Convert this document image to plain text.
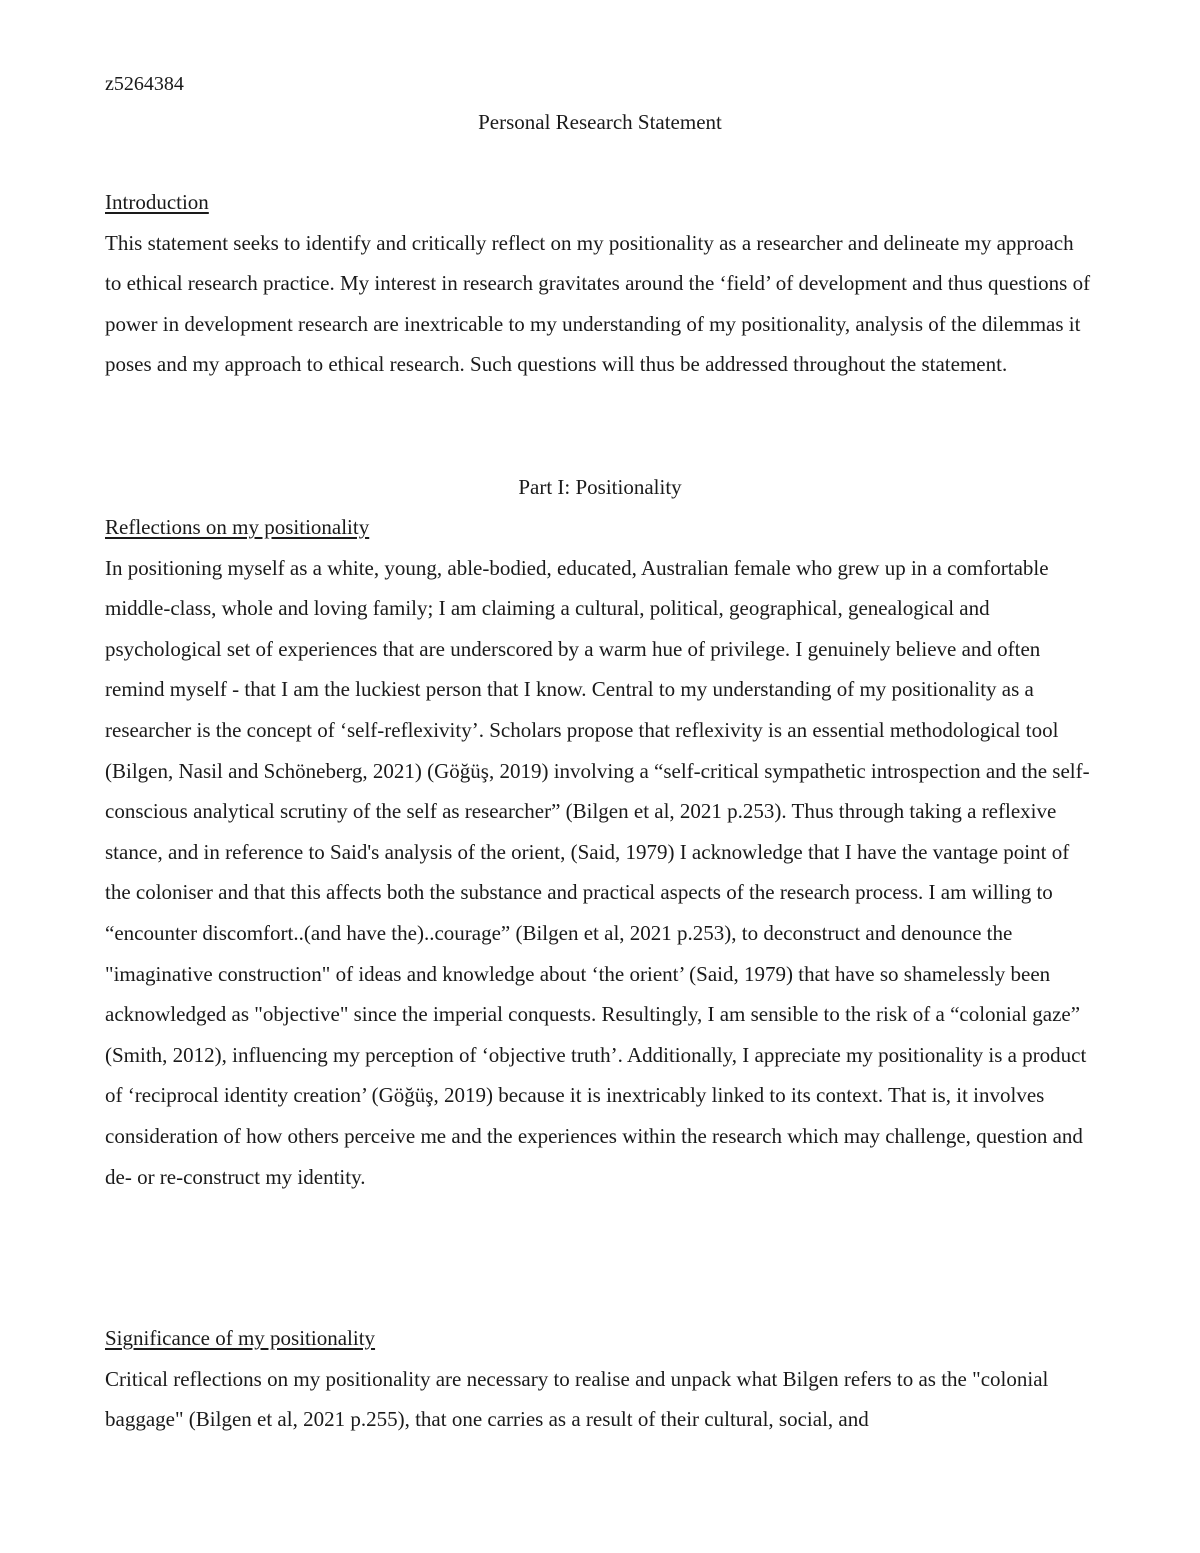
z5264384
Personal Research Statement
Introduction

This statement seeks to identify and critically reflect on my positionality as a researcher and delineate my approach to ethical research practice. My interest in research gravitates around the ‘field’ of development and thus questions of power in development research are inextricable to my understanding of my positionality, analysis of the dilemmas it poses and my approach to ethical research. Such questions will thus be addressed throughout the statement.

Part I: Positionality
Reflections on my positionality

In positioning myself as a white, young, able-bodied, educated, Australian female who grew up in a comfortable middle-class, whole and loving family; I am claiming a cultural, political, geographical, genealogical and psychological set of experiences that are underscored by a warm hue of privilege. I genuinely believe and often remind myself - that I am the luckiest person that I know. Central to my understanding of my positionality as a researcher is the concept of ‘self-reflexivity’. Scholars propose that reflexivity is an essential methodological tool (Bilgen, Nasil and Schöneberg, 2021) (Göğüş, 2019) involving a “self-critical sympathetic introspection and the self-conscious analytical scrutiny of the self as researcher” (Bilgen et al, 2021 p.253). Thus through taking a reflexive stance, and in reference to Said's analysis of the orient, (Said, 1979) I acknowledge that I have the vantage point of the coloniser and that this affects both the substance and practical aspects of the research process. I am willing to “encounter discomfort..(and have the)..courage” (Bilgen et al, 2021 p.253), to deconstruct and denounce the "imaginative construction" of ideas and knowledge about ‘the orient’ (Said, 1979) that have so shamelessly been acknowledged as "objective" since the imperial conquests. Resultingly, I am sensible to the risk of a “colonial gaze” (Smith, 2012), influencing my perception of ‘objective truth’. Additionally, I appreciate my positionality is a product of ‘reciprocal identity creation’ (Göğüş, 2019) because it is inextricably linked to its context. That is, it involves consideration of how others perceive me and the experiences within the research which may challenge, question and de- or re-construct my identity.

Significance of my positionality

Critical reflections on my positionality are necessary to realise and unpack what Bilgen refers to as the "colonial baggage" (Bilgen et al, 2021 p.255), that one carries as a result of their cultural, social, and
